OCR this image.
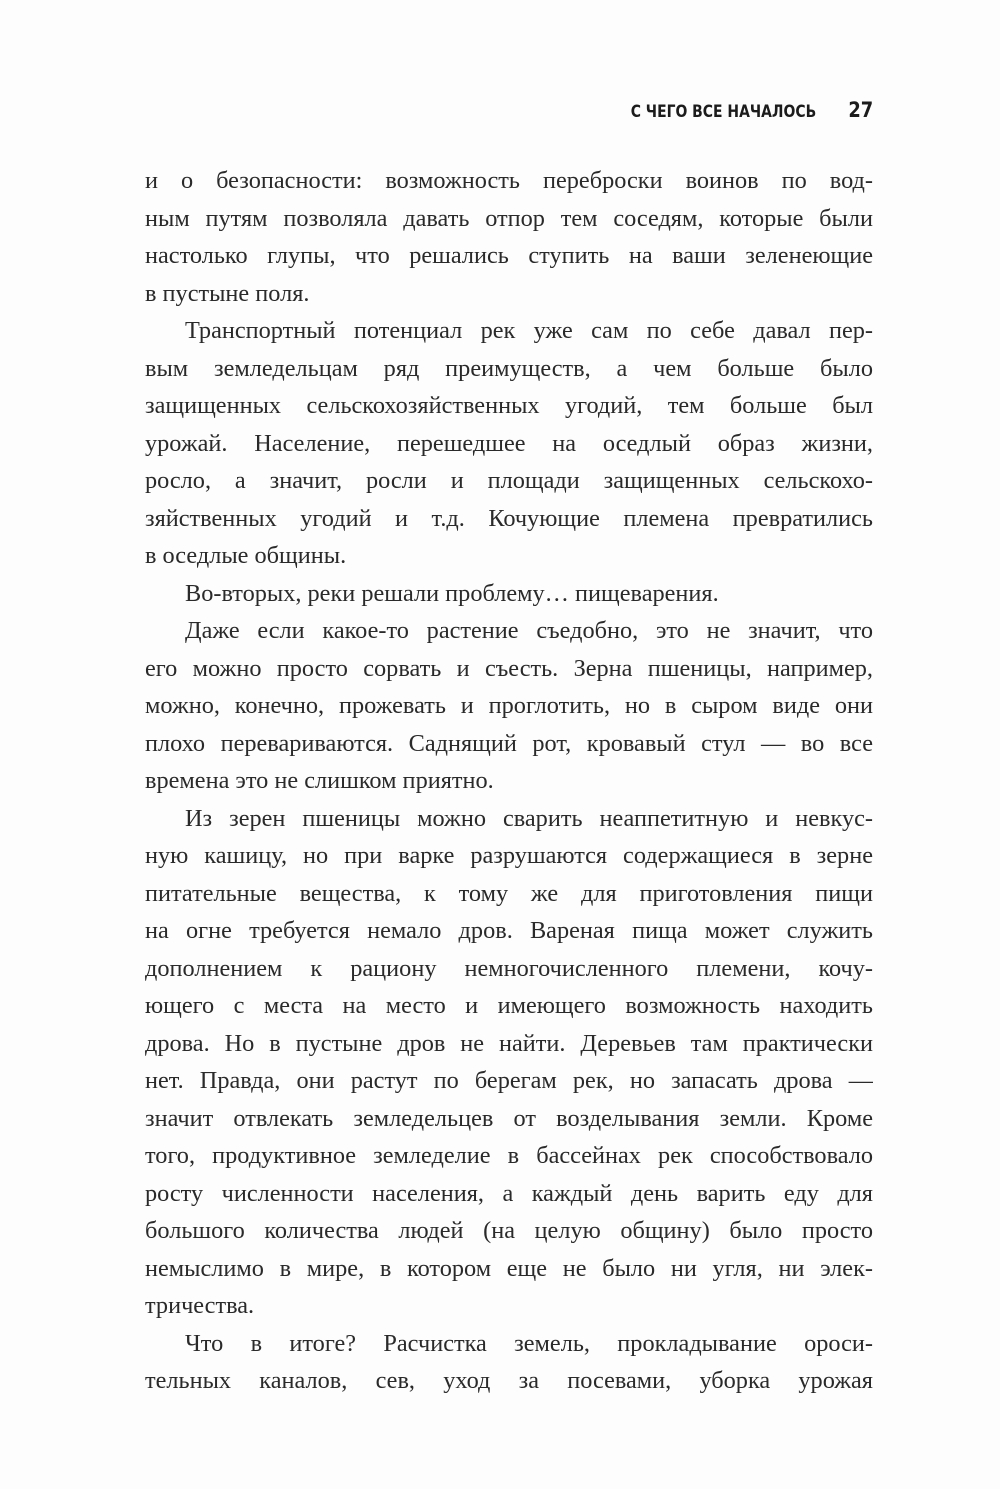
С ЧЕГО ВСЕ НАЧАЛОСЬ 27

и о безопасности: возможность переброски воинов по вод-
ным путям позволяла давать отпор тем соседям, которые были
настолько глупы, что решались ступить на ваши зеленеющие
в пустыне поля.

Транспортный потенциал рек уже сам по себе давал пер-
вым земледельцам ряд преимуществ, а чем больше было
защищенных сельскохозяйственных угодий, тем больше был
урожай. Население, перешедшее на оседлый образ жизни,
росло, а значит, росли и площади защищенных сельскохо-
зяйственных угодий и т.д. Кочующие племена превратились
в оседлые общины.

Во-вторых, реки решали проблему… пищеварения.

Даже если какое-то растение съедобно, это не значит, что
его можно просто сорвать и съесть. Зерна пшеницы, например,
можно, конечно, прожевать и проглотить, но в сыром виде они
плохо перевариваются. Саднящий рот, кровавый стул — во все
времена это не слишком приятно.

Из зерен пшеницы можно сварить неаппетитную и невкус-
ную кашицу, но при варке разрушаются содержащиеся в зерне
питательные вещества, к тому же для приготовления пищи
на огне требуется немало дров. Вареная пища может служить
дополнением к рациону немногочисленного племени, кочу-
ющего с места на место и имеющего возможность находить
дрова. Но в пустыне дров не найти. Деревьев там практически
нет. Правда, они растут по берегам рек, но запасать дрова —
значит отвлекать земледельцев от возделывания земли. Кроме
того, продуктивное земледелие в бассейнах рек способствовало
росту численности населения, а каждый день варить еду для
большого количества людей (на целую общину) было просто
немыслимо в мире, в котором еще не было ни угля, ни элек-
тричества.

Что в итоге? Расчистка земель, прокладывание ороси-
тельных каналов, сев, уход за посевами, уборка урожая
